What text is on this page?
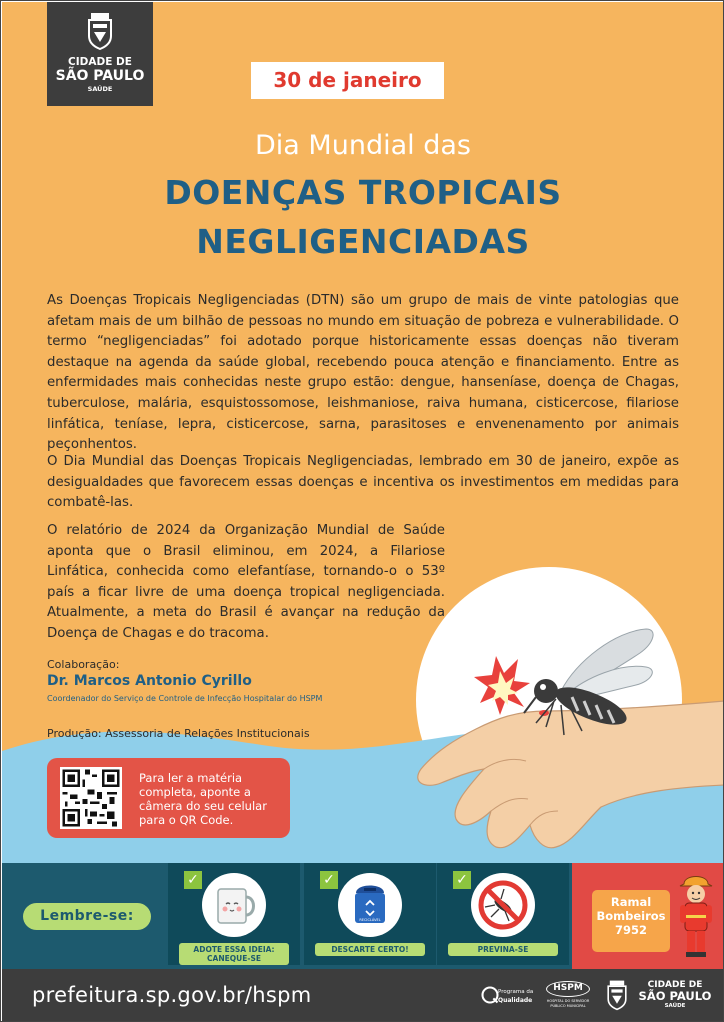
CIDADE DE
SÃO PAULO
SAÚDE	30 de janeiro
Dia Mundial das
DOENÇAS TROPICAIS
NEGLIGENCIADAS
As Doenças Tropicais Negligenciadas (DTN) são um grupo de mais de vinte patologias que afetam mais de um bilhão de pessoas no mundo em situação de pobreza e vulnerabilidade. O termo “negligenciadas” foi adotado porque historicamente essas doenças não tiveram destaque na agenda da saúde global, recebendo pouca atenção e financiamento. Entre as enfermidades mais conhecidas neste grupo estão: dengue, hanseníase, doença de Chagas, tuberculose, malária, esquistossomose, leishmaniose, raiva humana, cisticercose, filariose linfática, teníase, lepra, cisticercose, sarna, parasitoses e envenenamento por animais peçonhentos.
O Dia Mundial das Doenças Tropicais Negligenciadas, lembrado em 30 de janeiro, expõe as desigualdades que favorecem essas doenças e incentiva os investimentos em medidas para combatê-las.
O relatório de 2024 da Organização Mundial de Saúde aponta que o Brasil eliminou, em 2024, a Filariose Linfática, conhecida como elefantíase, tornando-o o 53º país a ficar livre de uma doença tropical negligenciada. Atualmente, a meta do Brasil é avançar na redução da Doença de Chagas e do tracoma.
Colaboração:
Dr. Marcos Antonio Cyrillo
Coordenador do Serviço de Controle de Infecção Hospitalar do HSPM
Produção: Assessoria de Relações Institucionais
Para ler a matéria completa, aponte a câmera do seu celular para o QR Code.
Lembre-se:
✓
ADOTE ESSA IDEIA: CANEQUE-SE
✓
RECICLÁVEL
DESCARTE CERTO!
✓
PREVINA-SE
Ramal
Bombeiros
7952
prefeitura.sp.gov.br/hspm	Programa da
Qualidade
HSPM
HOSPITAL DO SERVIDOR PÚBLICO MUNICIPAL
CIDADE DE
SÃO PAULO
SAÚDE
